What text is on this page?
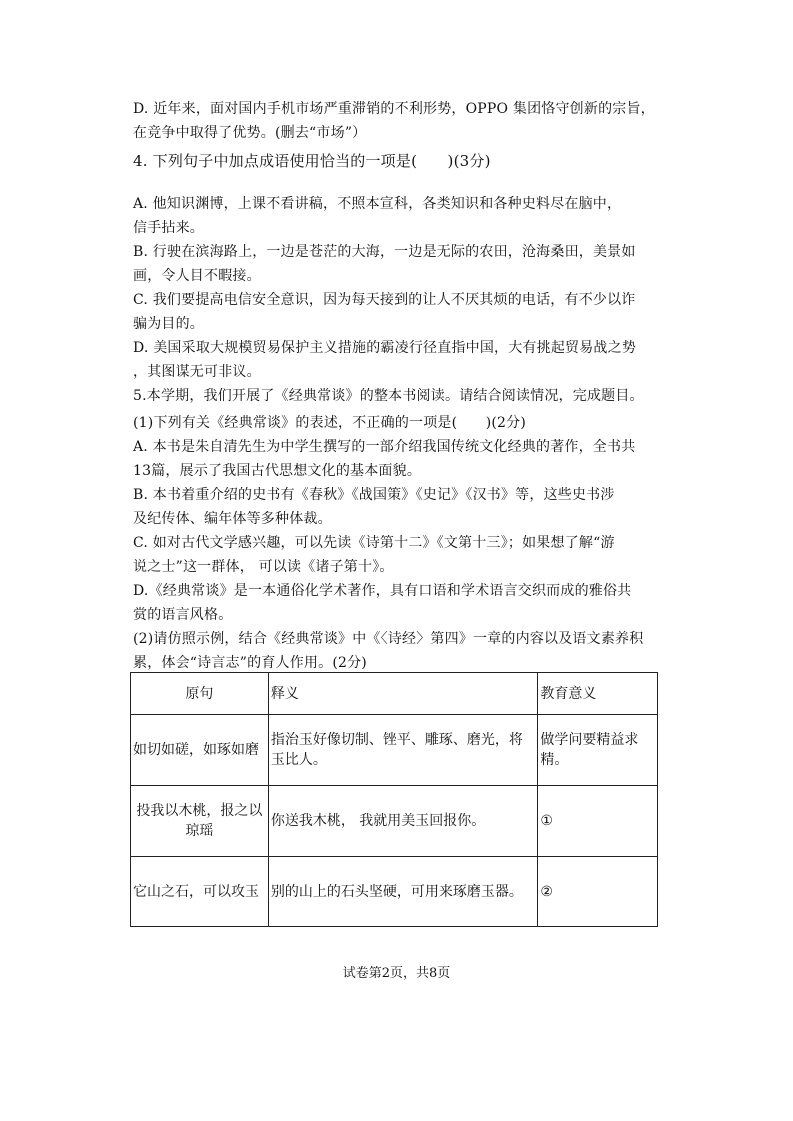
D. 近年来，面对国内手机市场严重滞销的不利形势，OPPO 集团恪守创新的宗旨，
在竞争中取得了优势。(删去“市场”）
4. 下列句子中加点成语使用恰当的一项是(　　)(3分)
A. 他知识渊博，上课不看讲稿，不照本宣科，各类知识和各种史料尽在脑中，
信手拈来。
B. 行驶在滨海路上，一边是苍茫的大海，一边是无际的农田，沧海桑田，美景如
画，令人目不暇接。
C. 我们要提高电信安全意识，因为每天接到的让人不厌其烦的电话，有不少以诈
骗为目的。
D. 美国采取大规模贸易保护主义措施的霸凌行径直指中国，大有挑起贸易战之势
，其图谋无可非议。
5.本学期，我们开展了《经典常谈》的整本书阅读。请结合阅读情况，完成题目。
(1)下列有关《经典常谈》的表述，不正确的一项是(　　)(2分)
A. 本书是朱自清先生为中学生撰写的一部介绍我国传统文化经典的著作，全书共
13篇，展示了我国古代思想文化的基本面貌。
B. 本书着重介绍的史书有《春秋》《战国策》《史记》《汉书》等，这些史书涉
及纪传体、编年体等多种体裁。
C. 如对古代文学感兴趣，可以先读《诗第十二》《文第十三》；如果想了解“游
说之士”这一群体， 可以读《诸子第十》。
D.《经典常谈》是一本通俗化学术著作，具有口语和学术语言交织而成的雅俗共
赏的语言风格。
(2)请仿照示例，结合《经典常谈》中《〈诗经〉第四》一章的内容以及语文素养积
累，体会“诗言志”的育人作用。(2分)
原句	释义	教育意义
如切如磋，如琢如磨	指治玉好像切制、锉平、雕琢、磨光，将玉比人。	做学问要精益求精。
投我以木桃，报之以琼瑶	你送我木桃， 我就用美玉回报你。	①
它山之石，可以攻玉	别的山上的石头坚硬，可用来琢磨玉器。	②
试卷第2页，共8页
